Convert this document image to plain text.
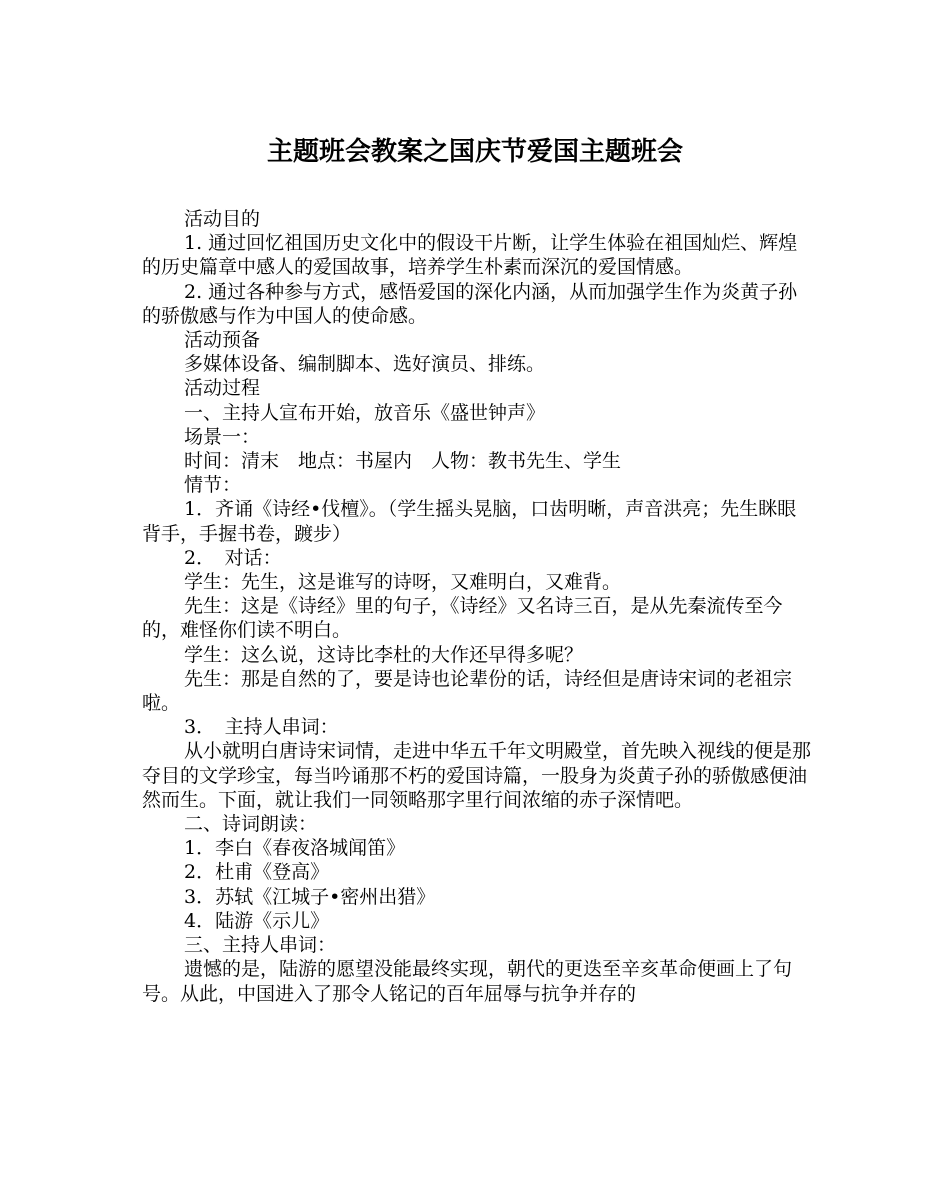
主题班会教案之国庆节爱国主题班会

活动目的

1. 通过回忆祖国历史文化中的假设干片断，让学生体验在祖国灿烂、辉煌的历史篇章中感人的爱国故事，培养学生朴素而深沉的爱国情感。

2. 通过各种参与方式，感悟爱国的深化内涵，从而加强学生作为炎黄子孙的骄傲感与作为中国人的使命感。

活动预备

多媒体设备、编制脚本、选好演员、排练。

活动过程

一、主持人宣布开始，放音乐《盛世钟声》

场景一：

时间：清末　地点：书屋内　人物：教书先生、学生

情节：

1．齐诵《诗经•伐檀》。（学生摇头晃脑，口齿明晰，声音洪亮；先生眯眼背手，手握书卷，踱步）

2．　对话：

学生：先生，这是谁写的诗呀，又难明白，又难背。

先生：这是《诗经》里的句子，《诗经》又名诗三百，是从先秦流传至今的，难怪你们读不明白。

学生：这么说，这诗比李杜的大作还早得多呢？

先生：那是自然的了，要是诗也论辈份的话，诗经但是唐诗宋词的老祖宗啦。

3．　主持人串词：

从小就明白唐诗宋词情，走进中华五千年文明殿堂，首先映入视线的便是那夺目的文学珍宝，每当吟诵那不朽的爱国诗篇，一股身为炎黄子孙的骄傲感便油然而生。下面，就让我们一同领略那字里行间浓缩的赤子深情吧。

二、诗词朗读：

1．李白《春夜洛城闻笛》

2．杜甫《登高》

3．苏轼《江城子•密州出猎》

4．陆游《示儿》

三、主持人串词：

遗憾的是，陆游的愿望没能最终实现，朝代的更迭至辛亥革命便画上了句号。从此，中国进入了那令人铭记的百年屈辱与抗争并存的
